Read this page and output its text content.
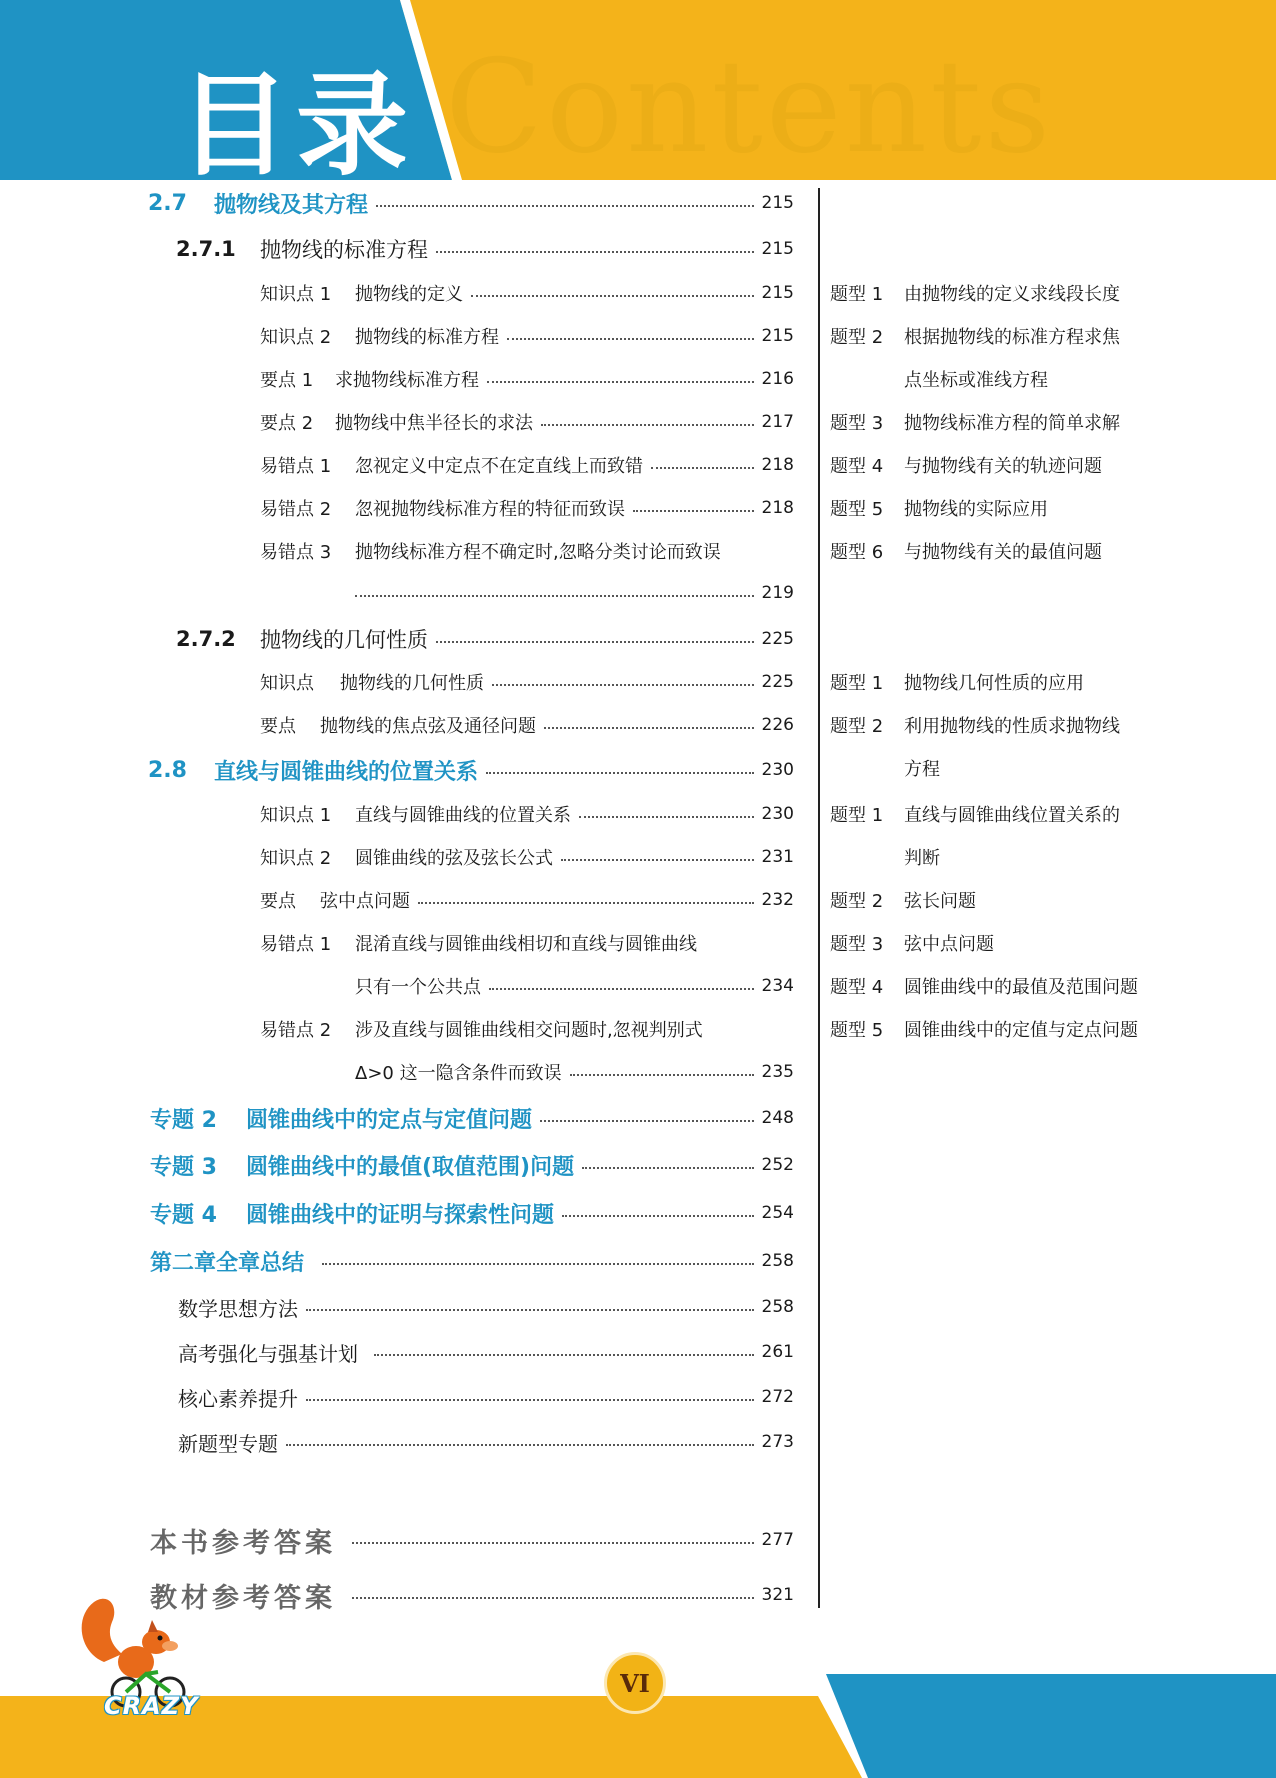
Contents
目录
2.7	抛物线及其方程	215
2.7.1	抛物线的标准方程	215
知识点 1	抛物线的定义	215
知识点 2	抛物线的标准方程	215
要点 1	求抛物线标准方程	216
要点 2	抛物线中焦半径长的求法	217
易错点 1	忽视定义中定点不在定直线上而致错	218
易错点 2	忽视抛物线标准方程的特征而致误	218
易错点 3	抛物线标准方程不确定时,忽略分类讨论而致误
219
2.7.2	抛物线的几何性质	225
知识点	抛物线的几何性质	225
要点	抛物线的焦点弦及通径问题	226
2.8	直线与圆锥曲线的位置关系	230
知识点 1	直线与圆锥曲线的位置关系	230
知识点 2	圆锥曲线的弦及弦长公式	231
要点	弦中点问题	232
易错点 1	混淆直线与圆锥曲线相切和直线与圆锥曲线
只有一个公共点	234
易错点 2	涉及直线与圆锥曲线相交问题时,忽视判别式
Δ>0 这一隐含条件而致误	235
专题 2	圆锥曲线中的定点与定值问题	248
专题 3	圆锥曲线中的最值(取值范围)问题	252
专题 4	圆锥曲线中的证明与探索性问题	254
第二章全章总结	258
数学思想方法	258
高考强化与强基计划	261
核心素养提升	272
新题型专题	273
本书参考答案	277
教材参考答案	321
题型 1	由抛物线的定义求线段长度
题型 2	根据抛物线的标准方程求焦
点坐标或准线方程
题型 3	抛物线标准方程的简单求解
题型 4	与抛物线有关的轨迹问题
题型 5	抛物线的实际应用
题型 6	与抛物线有关的最值问题
题型 1	抛物线几何性质的应用
题型 2	利用抛物线的性质求抛物线
方程
题型 1	直线与圆锥曲线位置关系的
判断
题型 2	弦长问题
题型 3	弦中点问题
题型 4	圆锥曲线中的最值及范围问题
题型 5	圆锥曲线中的定值与定点问题
CRAZY
VI
